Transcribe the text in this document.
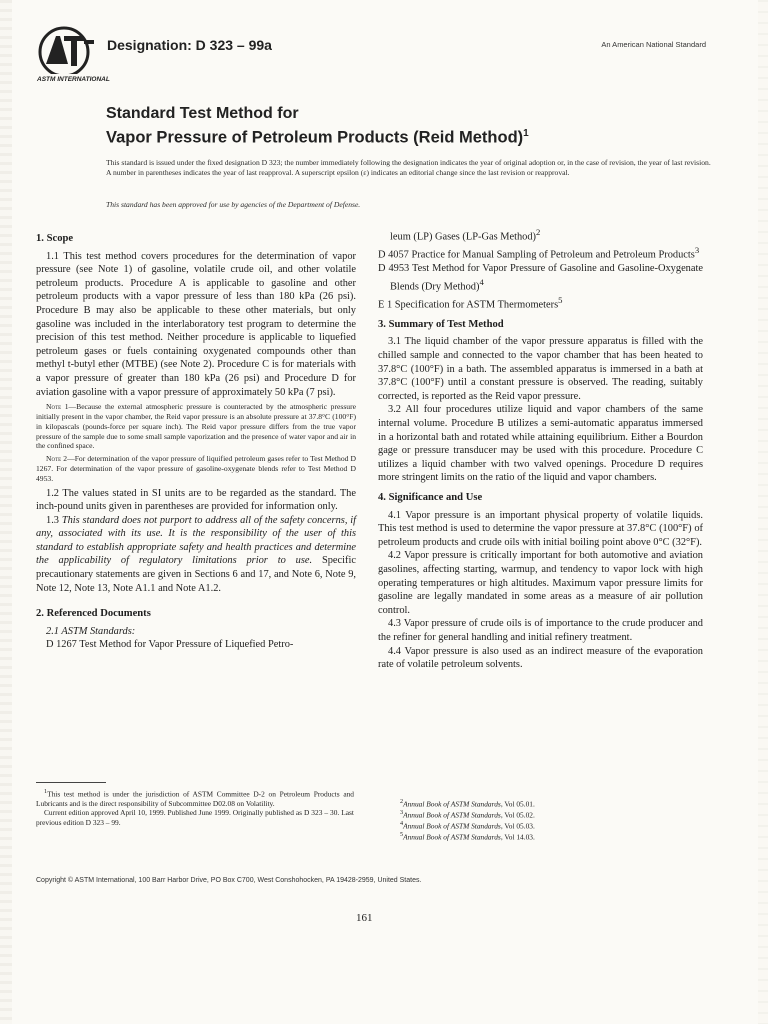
ASTM INTERNATIONAL
Designation: D 323 – 99a	An American National Standard
Standard Test Method for
Vapor Pressure of Petroleum Products (Reid Method)$^1$
This standard is issued under the fixed designation D 323; the number immediately following the designation indicates the year of original adoption or, in the case of revision, the year of last revision. A number in parentheses indicates the year of last reapproval. A superscript epsilon (ε) indicates an editorial change since the last revision or reapproval.
This standard has been approved for use by agencies of the Department of Defense.
1. Scope

1.1 This test method covers procedures for the determination of vapor pressure (see Note 1) of gasoline, volatile crude oil, and other volatile petroleum products. Procedure A is applicable to gasoline and other petroleum products with a vapor pressure of less than 180 kPa (26 psi). Procedure B may also be applicable to these other materials, but only gasoline was included in the interlaboratory test program to determine the precision of this test method. Neither procedure is applicable to liquefied petroleum gases or fuels containing oxygenated compounds other than methyl t-butyl ether (MTBE) (see Note 2). Procedure C is for materials with a vapor pressure of greater than 180 kPa (26 psi) and Procedure D for aviation gasoline with a vapor pressure of approximately 50 kPa (7 psi).

Note 1—Because the external atmospheric pressure is counteracted by the atmospheric pressure initially present in the vapor chamber, the Reid vapor pressure is an absolute pressure at 37.8°C (100°F) in kilopascals (pounds-force per square inch). The Reid vapor pressure differs from the true vapor pressure of the sample due to some small sample vaporization and the presence of water vapor and air in the confined space.

Note 2—For determination of the vapor pressure of liquified petroleum gases refer to Test Method D 1267. For determination of the vapor pressure of gasoline-oxygenate blends refer to Test Method D 4953.

1.2 The values stated in SI units are to be regarded as the standard. The inch-pound units given in parentheses are provided for information only.

1.3 This standard does not purport to address all of the safety concerns, if any, associated with its use. It is the responsibility of the user of this standard to establish appropriate safety and health practices and determine the applicability of regulatory limitations prior to use. Specific precautionary statements are given in Sections 6 and 17, and Note 6, Note 9, Note 12, Note 13, Note A1.1 and Note A1.2.

2. Referenced Documents

2.1 ASTM Standards:

D 1267 Test Method for Vapor Pressure of Liquefied Petro-

leum (LP) Gases (LP-Gas Method)$^2$

D 4057 Practice for Manual Sampling of Petroleum and Petroleum Products$^3$

D 4953 Test Method for Vapor Pressure of Gasoline and Gasoline-Oxygenate Blends (Dry Method)$^4$

E 1 Specification for ASTM Thermometers$^5$

3. Summary of Test Method

3.1 The liquid chamber of the vapor pressure apparatus is filled with the chilled sample and connected to the vapor chamber that has been heated to 37.8°C (100°F) in a bath. The assembled apparatus is immersed in a bath at 37.8°C (100°F) until a constant pressure is observed. The reading, suitably corrected, is reported as the Reid vapor pressure.

3.2 All four procedures utilize liquid and vapor chambers of the same internal volume. Procedure B utilizes a semi-automatic apparatus immersed in a horizontal bath and rotated while attaining equilibrium. Either a Bourdon gage or pressure transducer may be used with this procedure. Procedure C utilizes a liquid chamber with two valved openings. Procedure D requires more stringent limits on the ratio of the liquid and vapor chambers.

4. Significance and Use

4.1 Vapor pressure is an important physical property of volatile liquids. This test method is used to determine the vapor pressure at 37.8°C (100°F) of petroleum products and crude oils with initial boiling point above 0°C (32°F).

4.2 Vapor pressure is critically important for both automotive and aviation gasolines, affecting starting, warmup, and tendency to vapor lock with high operating temperatures or high altitudes. Maximum vapor pressure limits for gasoline are legally mandated in some areas as a measure of air pollution control.

4.3 Vapor pressure of crude oils is of importance to the crude producer and the refiner for general handling and initial refinery treatment.

4.4 Vapor pressure is also used as an indirect measure of the evaporation rate of volatile petroleum solvents.

$^1$This test method is under the jurisdiction of ASTM Committee D-2 on Petroleum Products and Lubricants and is the direct responsibility of Subcommittee D02.08 on Volatility.

Current edition approved April 10, 1999. Published June 1999. Originally published as D 323 – 30. Last previous edition D 323 – 99.

$^2$Annual Book of ASTM Standards, Vol 05.01.

$^3$Annual Book of ASTM Standards, Vol 05.02.

$^4$Annual Book of ASTM Standards, Vol 05.03.

$^5$Annual Book of ASTM Standards, Vol 14.03.

Copyright © ASTM International, 100 Barr Harbor Drive, PO Box C700, West Conshohocken, PA 19428-2959, United States.
161
